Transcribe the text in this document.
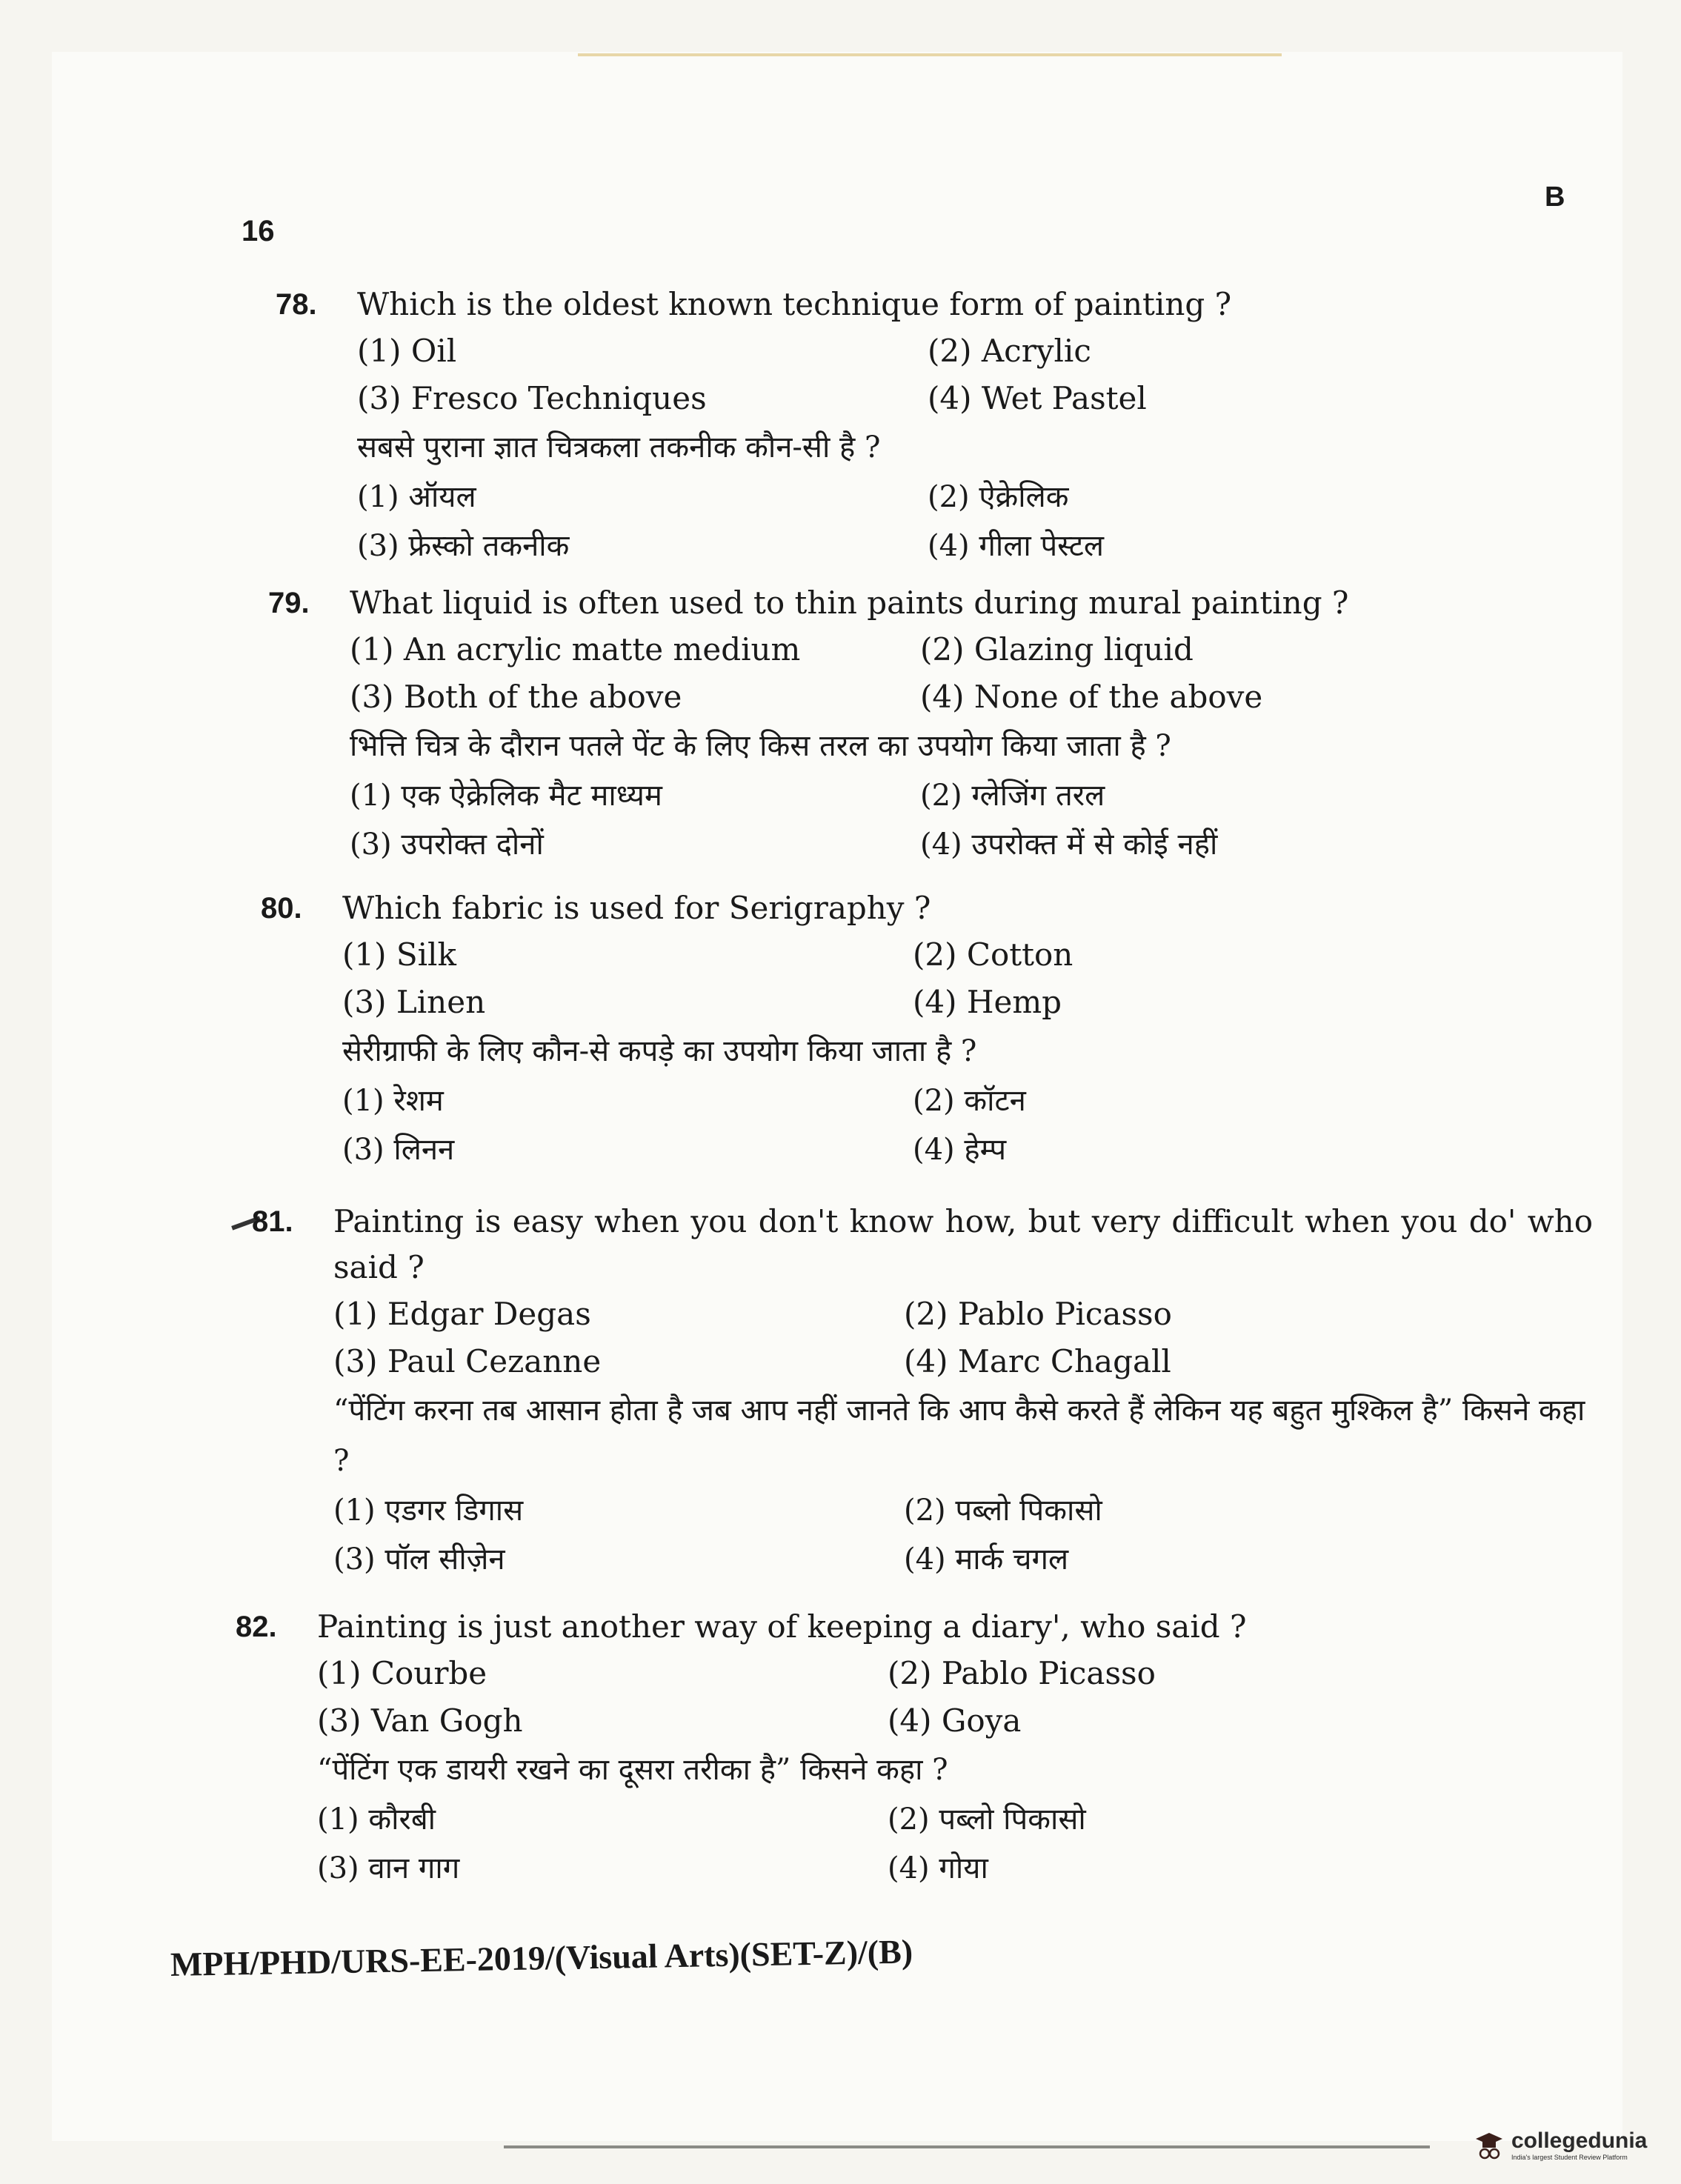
16
B
78. Which is the oldest known technique form of painting ?
(1) Oil	(2) Acrylic
(3) Fresco Techniques	(4) Wet Pastel
सबसे पुराना ज्ञात चित्रकला तकनीक कौन-सी है ?
(1) ऑयल	(2) ऐक्रेलिक
(3) फ्रेस्को तकनीक	(4) गीला पेस्टल
79. What liquid is often used to thin paints during mural painting ?
(1) An acrylic matte medium	(2) Glazing liquid
(3) Both of the above	(4) None of the above
भित्ति चित्र के दौरान पतले पेंट के लिए किस तरल का उपयोग किया जाता है ?
(1) एक ऐक्रेलिक मैट माध्यम	(2) ग्लेजिंग तरल
(3) उपरोक्त दोनों	(4) उपरोक्त में से कोई नहीं
80. Which fabric is used for Serigraphy ?
(1) Silk	(2) Cotton
(3) Linen	(4) Hemp
सेरीग्राफी के लिए कौन-से कपड़े का उपयोग किया जाता है ?
(1) रेशम	(2) कॉटन
(3) लिनन	(4) हेम्प
81. Painting is easy when you don't know how, but very difficult when you do' who said ?
(1) Edgar Degas	(2) Pablo Picasso
(3) Paul Cezanne	(4) Marc Chagall
“पेंटिंग करना तब आसान होता है जब आप नहीं जानते कि आप कैसे करते हैं लेकिन यह बहुत मुश्किल है” किसने कहा ?
(1) एडगर डिगास	(2) पब्लो पिकासो
(3) पॉल सीज़ेन	(4) मार्क चगल
82. Painting is just another way of keeping a diary', who said ?
(1) Courbe	(2) Pablo Picasso
(3) Van Gogh	(4) Goya
“पेंटिंग एक डायरी रखने का दूसरा तरीका है” किसने कहा ?
(1) कौरबी	(2) पब्लो पिकासो
(3) वान गाग	(4) गोया
MPH/PHD/URS-EE-2019/(Visual Arts)(SET-Z)/(B)
collegedunia
India's largest Student Review Platform
